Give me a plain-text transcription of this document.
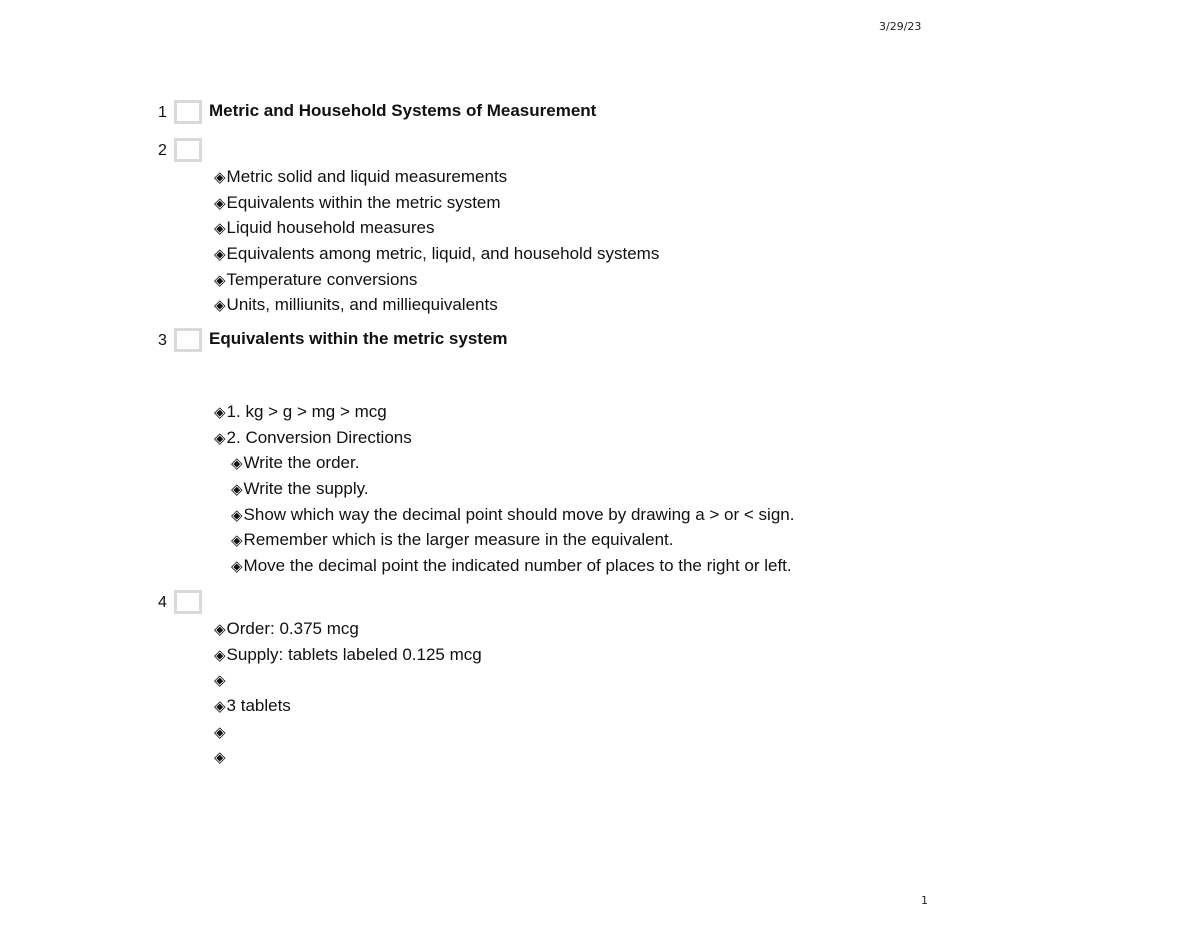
3/29/23
1 Metric and Household Systems of Measurement
2
◈Metric solid and liquid measurements
◈Equivalents within the metric system
◈Liquid household measures
◈Equivalents among metric, liquid, and household systems
◈Temperature conversions
◈Units, milliunits, and milliequivalents
3 Equivalents within the metric system
◈1. kg > g > mg > mcg
◈2. Conversion Directions
◈Write the order.
◈Write the supply.
◈Show which way the decimal point should move by drawing a > or < sign.
◈Remember which is the larger measure in the equivalent.
◈Move the decimal point the indicated number of places to the right or left.
4
◈Order: 0.375 mcg
◈Supply: tablets labeled 0.125 mcg
◈
◈3 tablets
◈
◈
1
